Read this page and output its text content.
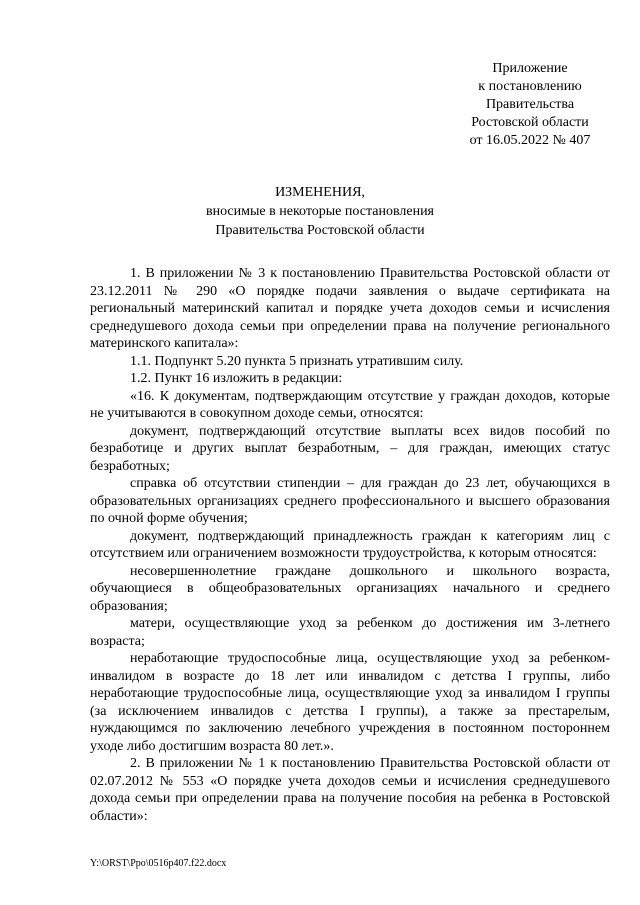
Приложение
к постановлению
Правительства
Ростовской области
от 16.05.2022 № 407
ИЗМЕНЕНИЯ,
вносимые в некоторые постановления
Правительства Ростовской области

1. В приложении № 3 к постановлению Правительства Ростовской области от 23.12.2011 № 290 «О порядке подачи заявления о выдаче сертификата на региональный материнский капитал и порядке учета доходов семьи и исчисления среднедушевого дохода семьи при определении права на получение регионального материнского капитала»:

1.1. Подпункт 5.20 пункта 5 признать утратившим силу.

1.2. Пункт 16 изложить в редакции:

«16. К документам, подтверждающим отсутствие у граждан доходов, которые не учитываются в совокупном доходе семьи, относятся:

документ, подтверждающий отсутствие выплаты всех видов пособий по безработице и других выплат безработным, – для граждан, имеющих статус безработных;

справка об отсутствии стипендии – для граждан до 23 лет, обучающихся в образовательных организациях среднего профессионального и высшего образования по очной форме обучения;

документ, подтверждающий принадлежность граждан к категориям лиц с отсутствием или ограничением возможности трудоустройства, к которым относятся:

несовершеннолетние граждане дошкольного и школьного возраста, обучающиеся в общеобразовательных организациях начального и среднего образования;

матери, осуществляющие уход за ребенком до достижения им 3-летнего возраста;

неработающие трудоспособные лица, осуществляющие уход за ребенком-инвалидом в возрасте до 18 лет или инвалидом с детства I группы, либо неработающие трудоспособные лица, осуществляющие уход за инвалидом I группы (за исключением инвалидов с детства I группы), а также за престарелым, нуждающимся по заключению лечебного учреждения в постоянном постороннем уходе либо достигшим возраста 80 лет.».

2. В приложении № 1 к постановлению Правительства Ростовской области от 02.07.2012 № 553 «О порядке учета доходов семьи и исчисления среднедушевого дохода семьи при определении права на получение пособия на ребенка в Ростовской области»:

Y:\ORST\Ppo\0516p407.f22.docx
